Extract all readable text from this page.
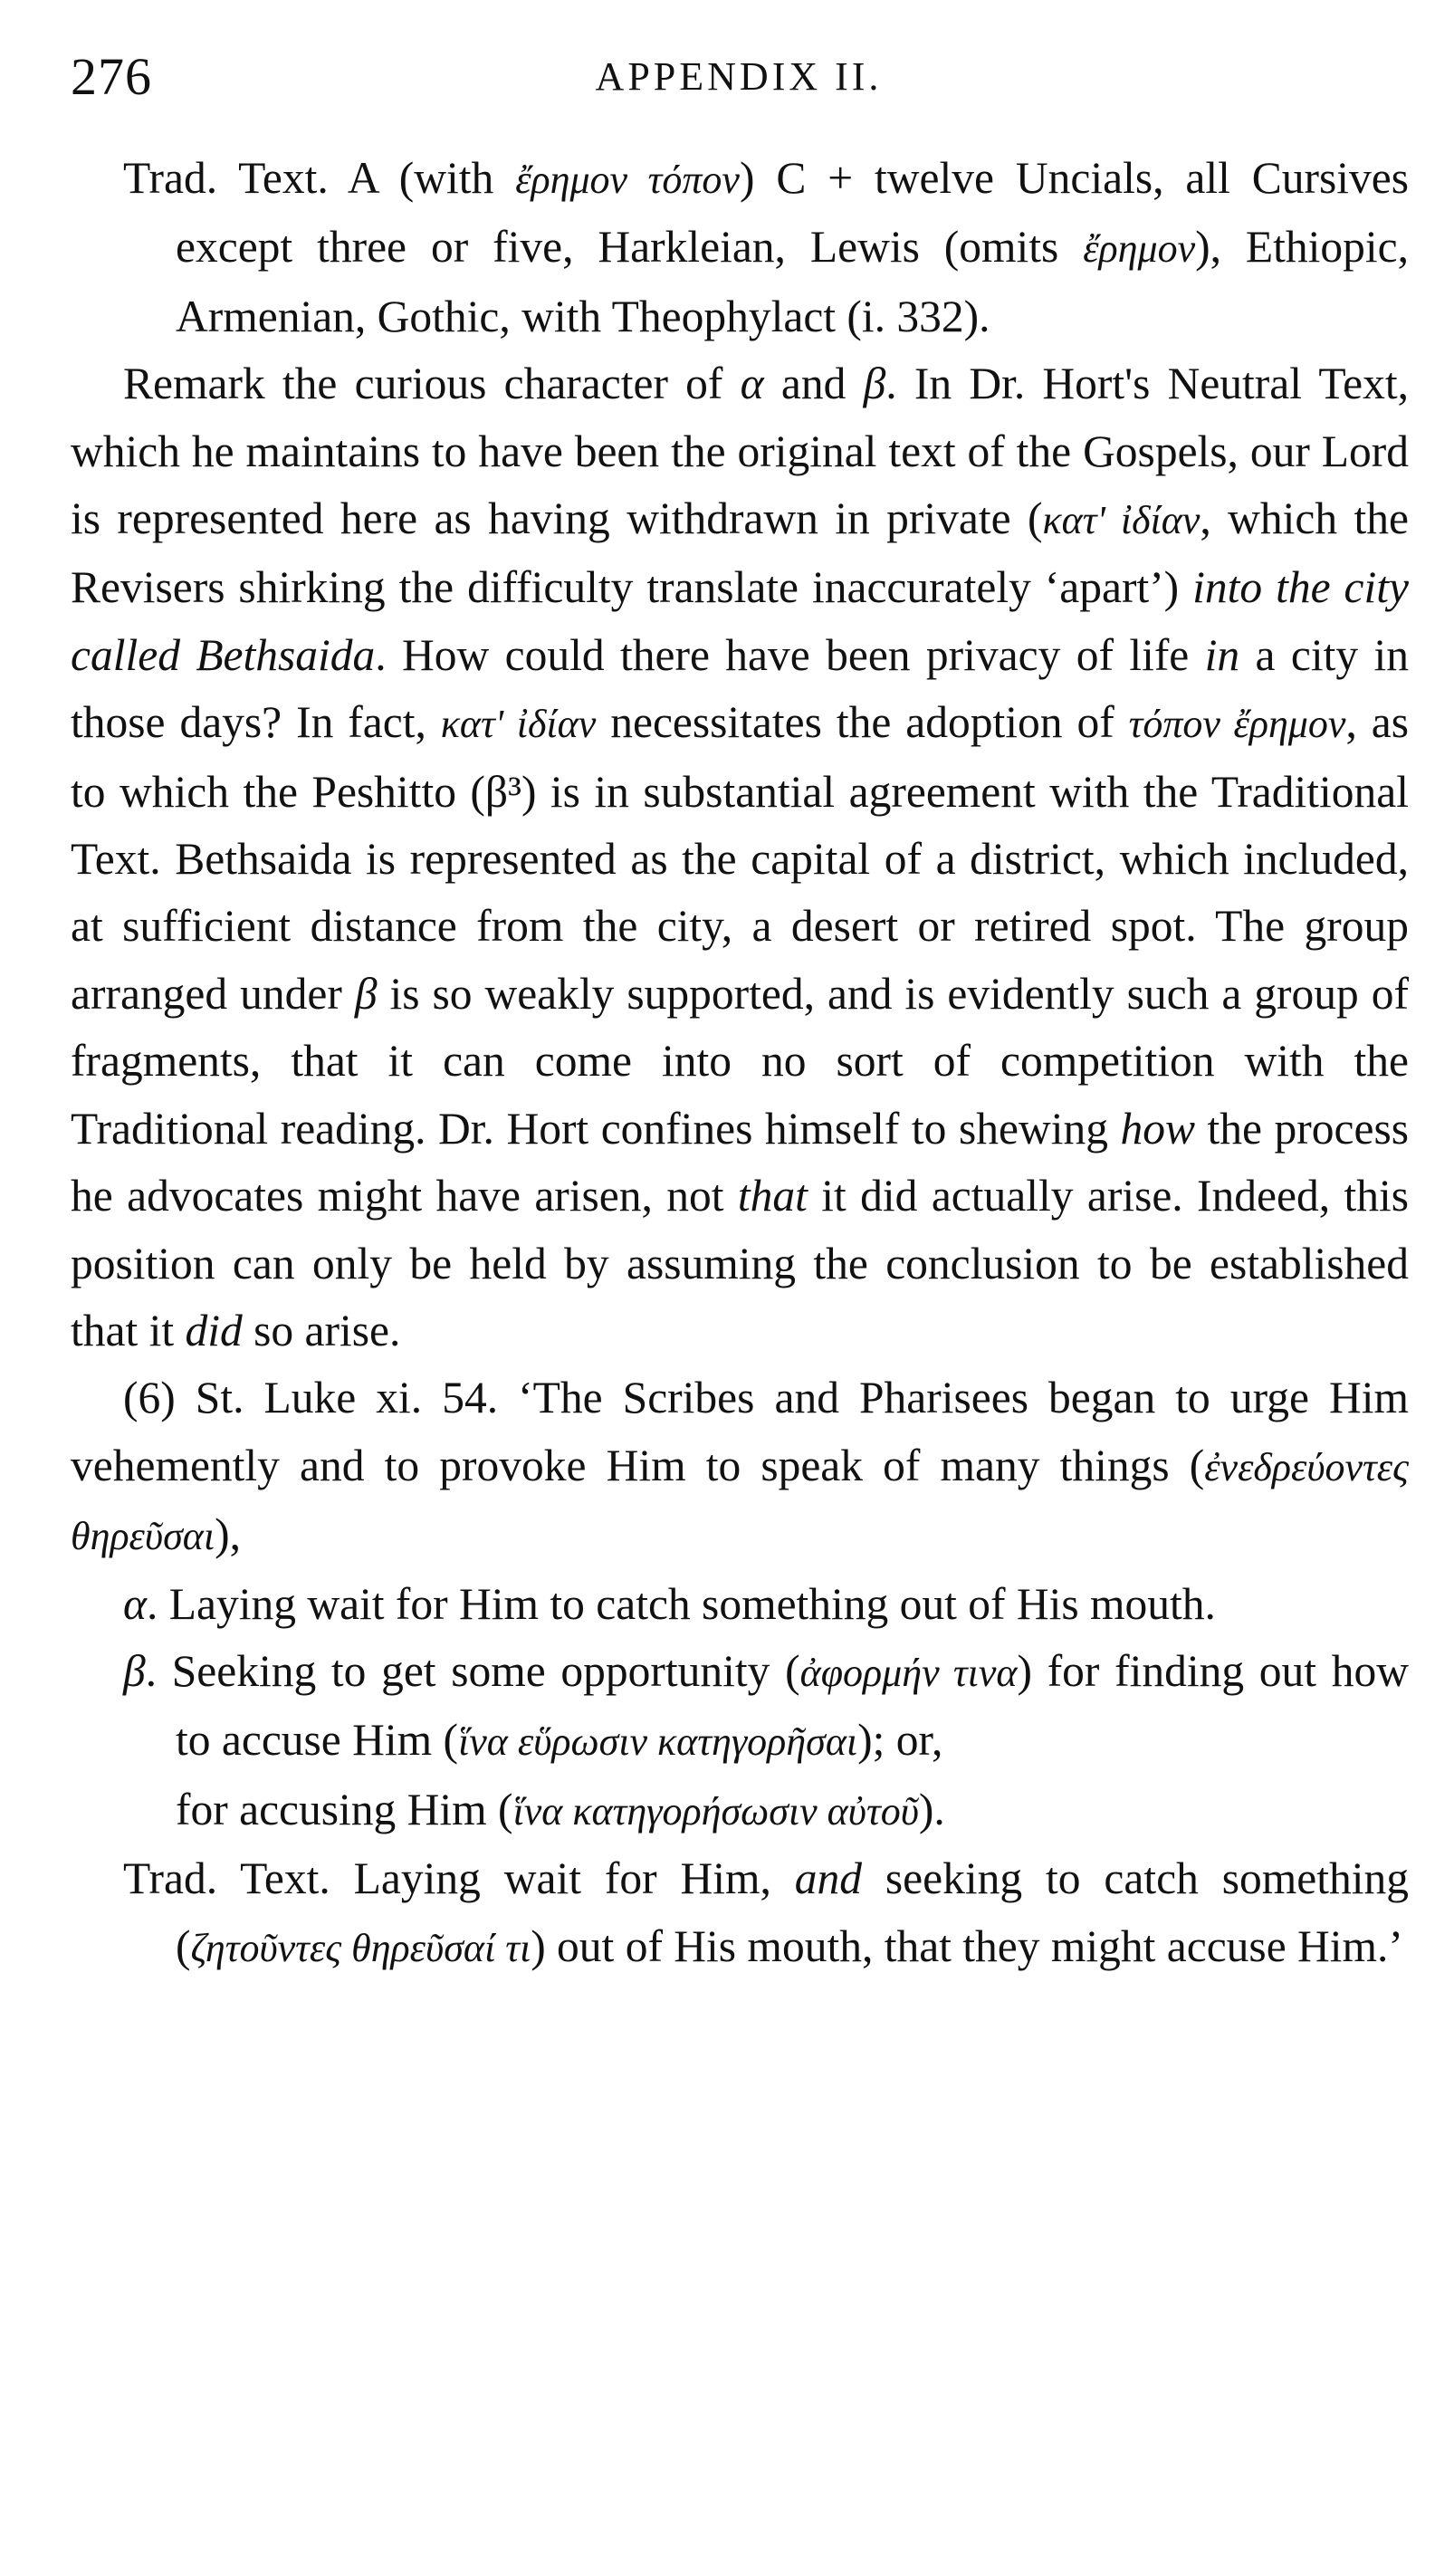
276	APPENDIX II.

Trad. Text. A (with ἔρημον τόπον) C + twelve Uncials, all Cursives except three or five, Harkleian, Lewis (omits ἔρημον), Ethiopic, Armenian, Gothic, with Theophylact (i. 332).

Remark the curious character of α and β. In Dr. Hort's Neutral Text, which he maintains to have been the original text of the Gospels, our Lord is represented here as having withdrawn in private (κατ' ἰδίαν, which the Revisers shirking the difficulty translate inaccurately ‘apart’) into the city called Bethsaida. How could there have been privacy of life in a city in those days? In fact, κατ' ἰδίαν necessitates the adoption of τόπον ἔρημον, as to which the Peshitto (β³) is in substantial agreement with the Traditional Text. Bethsaida is represented as the capital of a district, which included, at sufficient distance from the city, a desert or retired spot. The group arranged under β is so weakly supported, and is evidently such a group of fragments, that it can come into no sort of competition with the Traditional reading. Dr. Hort confines himself to shewing how the process he advocates might have arisen, not that it did actually arise. Indeed, this position can only be held by assuming the conclusion to be established that it did so arise.

(6) St. Luke xi. 54. ‘The Scribes and Pharisees began to urge Him vehemently and to provoke Him to speak of many things (ἐνεδρεύοντες θηρεῦσαι),

α. Laying wait for Him to catch something out of His mouth.

β. Seeking to get some opportunity (ἀφορμήν τινα) for finding out how to accuse Him (ἵνα εὕρωσιν κατηγορῆσαι); or,

for accusing Him (ἵνα κατηγορήσωσιν αὐτοῦ).

Trad. Text. Laying wait for Him, and seeking to catch something (ζητοῦντες θηρεῦσαί τι) out of His mouth, that they might accuse Him.’
